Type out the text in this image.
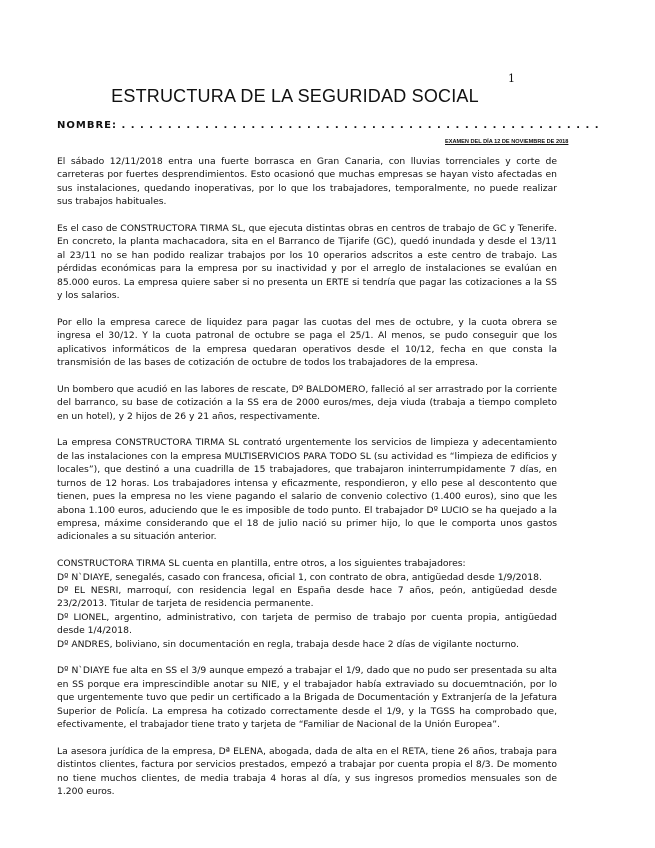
1
ESTRUCTURA DE LA SEGURIDAD SOCIAL
NOMBRE: . . . . . . . . . . . . . . . . . . . . . . . . . . . . . . . . . . . . . . . . . . . . . . . . . . . .
EXAMEN DEL DÍA 12 DE NOVIEMBRE DE 2018

El sábado 12/11/2018 entra una fuerte borrasca en Gran Canaria, con lluvias torrenciales y corte de carreteras por fuertes desprendimientos. Esto ocasionó que muchas empresas se hayan visto afectadas en sus instalaciones, quedando inoperativas, por lo que los trabajadores, temporalmente, no puede realizar sus trabajos habituales.

Es el caso de CONSTRUCTORA TIRMA SL, que ejecuta distintas obras en centros de trabajo de GC y Tenerife. En concreto, la planta machacadora, sita en el Barranco de Tijarife (GC), quedó inundada y desde el 13/11 al 23/11 no se han podido realizar trabajos por los 10 operarios adscritos a este centro de trabajo. Las pérdidas económicas para la empresa por su inactividad y por el arreglo de instalaciones se evalúan en 85.000 euros. La empresa quiere saber si no presenta un ERTE si tendría que pagar las cotizaciones a la SS y los salarios.

Por ello la empresa carece de liquidez para pagar las cuotas del mes de octubre, y la cuota obrera se ingresa el 30/12. Y la cuota patronal de octubre se paga el 25/1. Al menos, se pudo conseguir que los aplicativos informáticos de la empresa quedaran operativos desde el 10/12, fecha en que consta la transmisión de las bases de cotización de octubre de todos los trabajadores de la empresa.

Un bombero que acudió en las labores de rescate, Dº BALDOMERO, falleció al ser arrastrado por la corriente del barranco, su base de cotización a la SS era de 2000 euros/mes, deja viuda (trabaja a tiempo completo en un hotel), y 2 hijos de 26 y 21 años, respectivamente.

La empresa CONSTRUCTORA TIRMA SL contrató urgentemente los servicios de limpieza y adecentamiento de las instalaciones con la empresa MULTISERVICIOS PARA TODO SL (su actividad es “limpieza de edificios y locales”), que destinó a una cuadrilla de 15 trabajadores, que trabajaron ininterrumpidamente 7 días, en turnos de 12 horas. Los trabajadores intensa y eficazmente, respondieron, y ello pese al descontento que tienen, pues la empresa no les viene pagando el salario de convenio colectivo (1.400 euros), sino que les abona 1.100 euros, aduciendo que le es imposible de todo punto. El trabajador Dº LUCIO se ha quejado a la empresa, máxime considerando que el 18 de julio nació su primer hijo, lo que le comporta unos gastos adicionales a su situación anterior.

CONSTRUCTORA TIRMA SL cuenta en plantilla, entre otros, a los siguientes trabajadores:
Dº N`DIAYE, senegalés, casado con francesa, oficial 1, con contrato de obra, antigüedad desde 1/9/2018.
Dº EL NESRI, marroquí, con residencia legal en España desde hace 7 años, peón, antigüedad desde 23/2/2013. Titular de tarjeta de residencia permanente.
Dº LIONEL, argentino, administrativo, con tarjeta de permiso de trabajo por cuenta propia, antigüedad desde 1/4/2018.
Dº ANDRES, boliviano, sin documentación en regla, trabaja desde hace 2 días de vigilante nocturno.

Dº N`DIAYE fue alta en SS el 3/9 aunque empezó a trabajar el 1/9, dado que no pudo ser presentada su alta en SS porque era imprescindible anotar su NIE, y el trabajador había extraviado su docuemtnación, por lo que urgentemente tuvo que pedir un certificado a la Brigada de Documentación y Extranjería de la Jefatura Superior de Policía. La empresa ha cotizado correctamente desde el 1/9, y la TGSS ha comprobado que, efectivamente, el trabajador tiene trato y tarjeta de “Familiar de Nacional de la Unión Europea”.

La asesora jurídica de la empresa, Dª ELENA, abogada, dada de alta en el RETA, tiene 26 años, trabaja para distintos clientes, factura por servicios prestados, empezó a trabajar por cuenta propia el 8/3. De momento no tiene muchos clientes, de media trabaja 4 horas al día, y sus ingresos promedios mensuales son de 1.200 euros.
